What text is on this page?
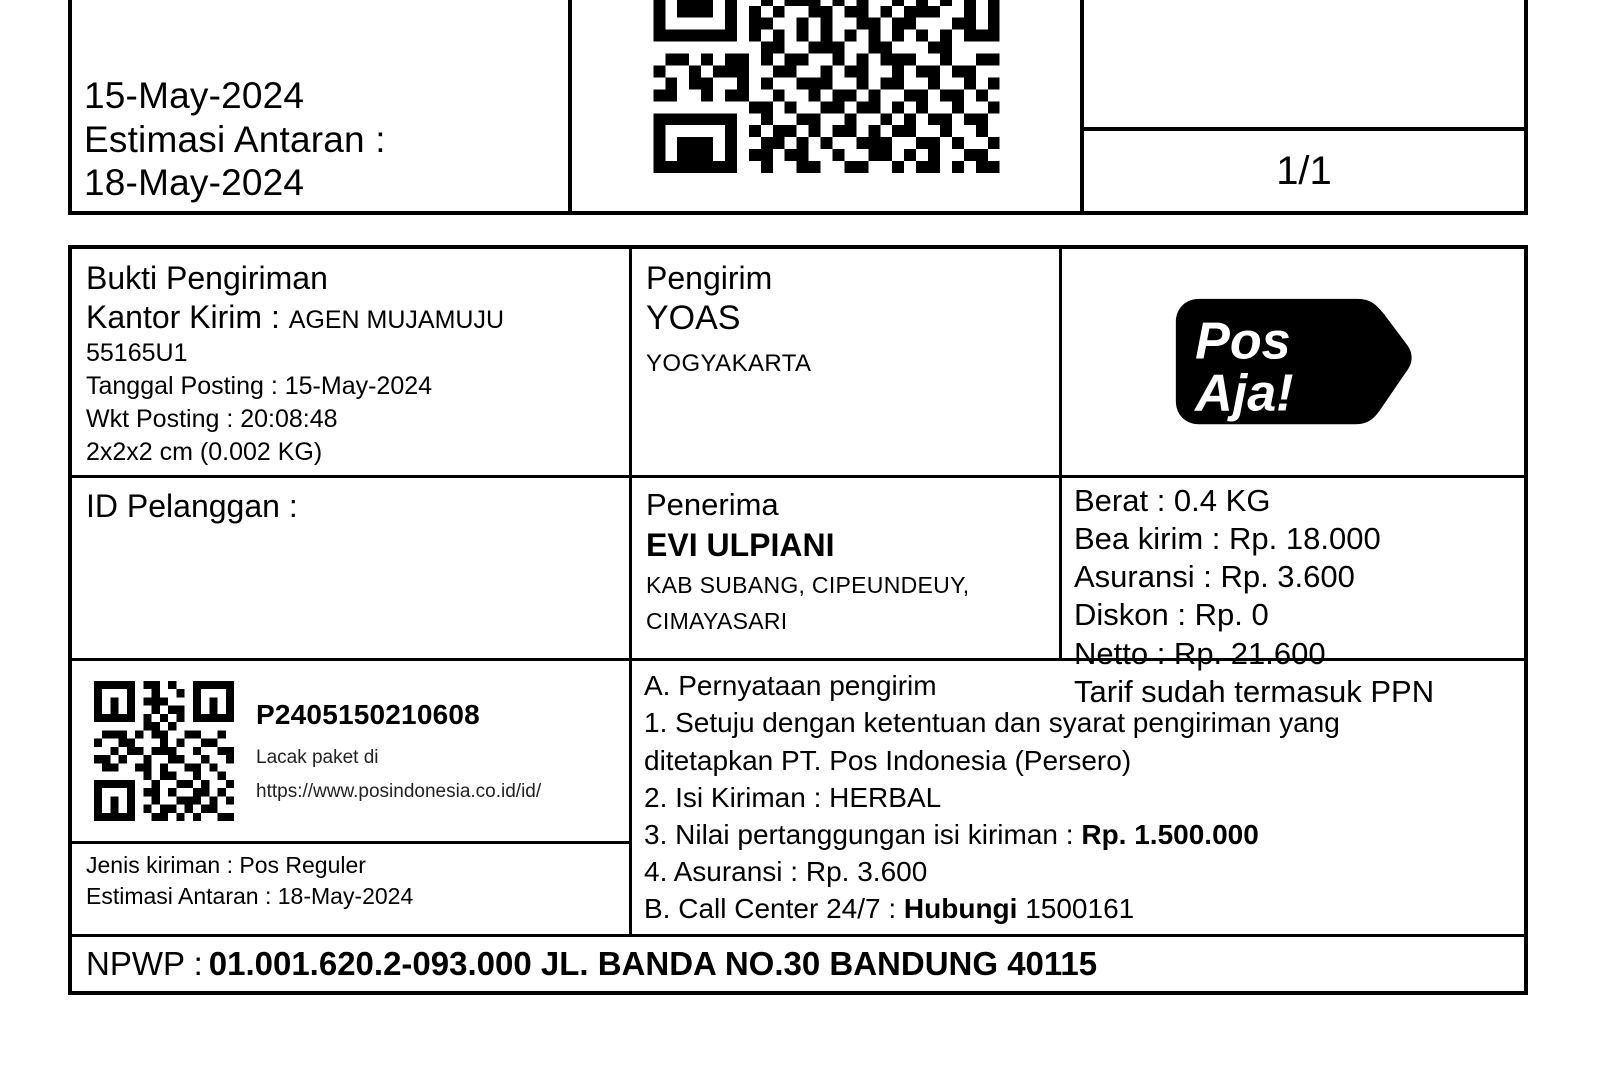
15-May-2024
Estimasi Antaran :
18-May-2024	1/1
Bukti Pengiriman
Kantor Kirim : AGEN MUJAMUJU
55165U1
Tanggal Posting : 15-May-2024
Wkt Posting : 20:08:48
2x2x2 cm (0.002 KG)
Pengirim
YOAS
YOGYAKARTA	Pos
Aja!
ID Pelanggan :	Penerima
EVI ULPIANI
KAB SUBANG, CIPEUNDEUY,
CIMAYASARI
Berat : 0.4 KG
Bea kirim : Rp. 18.000
Asuransi : Rp. 3.600
Diskon : Rp. 0
Netto : Rp. 21.600
Tarif sudah termasuk PPN
P2405150210608
Lacak paket di
https://www.posindonesia.co.id/id/
Jenis kiriman : Pos Reguler
Estimasi Antaran : 18-May-2024
A. Pernyataan pengirim
1. Setuju dengan ketentuan dan syarat pengiriman yang
ditetapkan PT. Pos Indonesia (Persero)
2. Isi Kiriman : HERBAL
3. Nilai pertanggungan isi kiriman : Rp. 1.500.000
4. Asuransi : Rp. 3.600
B. Call Center 24/7 : Hubungi 1500161
NPWP : 01.001.620.2-093.000 JL. BANDA NO.30 BANDUNG 40115
